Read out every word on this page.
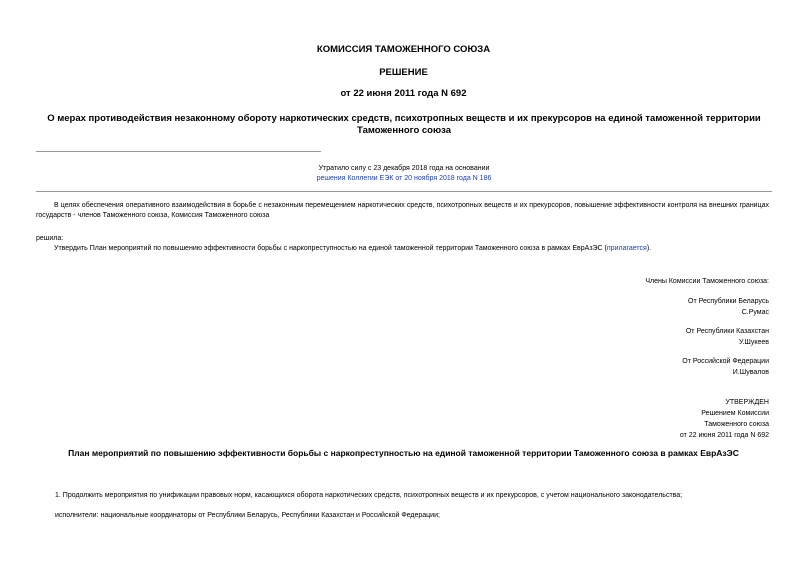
КОМИССИЯ ТАМОЖЕННОГО СОЮЗА
РЕШЕНИЕ
от 22 июня 2011 года N 692
О мерах противодействия незаконному обороту наркотических средств, психотропных веществ и их прекурсоров на единой таможенной территории Таможенного союза
Утратило силу с 23 декабря 2018 года на основании
решения Коллегии ЕЭК от 20 ноября 2018 года N 186
В целях обеспечения оперативного взаимодействия в борьбе с незаконным перемещением наркотических средств, психотропных веществ и их прекурсоров, повышение эффективности контроля на внешних границах государств - членов Таможенного союза, Комиссия Таможенного союза
решила:
Утвердить План мероприятий по повышению эффективности борьбы с наркопреступностью на единой таможенной территории Таможенного союза в рамках ЕврАзЭС (прилагается).
Члены Комиссии Таможенного союза:
От Республики Беларусь
С.Румас
От Республики Казахстан
У.Шукеев
От Российской Федерации
И.Шувалов
УТВЕРЖДЕН
Решением Комиссии
Таможенного союза
от 22 июня 2011 года N 692
План мероприятий по повышению эффективности борьбы с наркопреступностью на единой таможенной территории Таможенного союза в рамках ЕврАзЭС
1. Продолжить мероприятия по унификации правовых норм, касающихся оборота наркотических средств, психотропных веществ и их прекурсоров, с учетом национального законодательства;
исполнители: национальные координаторы от Республики Беларусь, Республики Казахстан и Российской Федерации;
